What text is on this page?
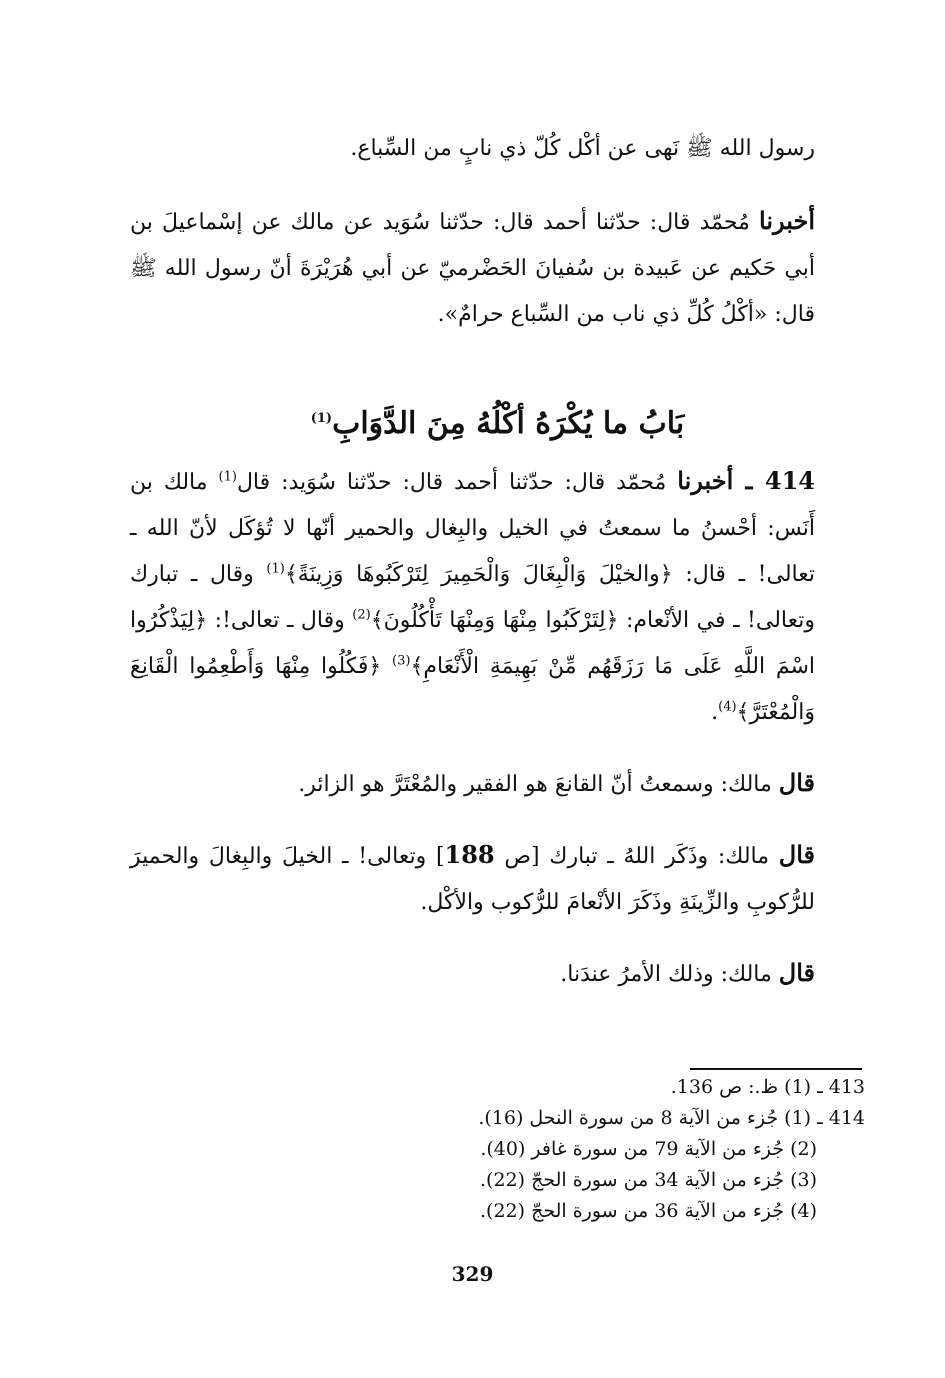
رسول الله ﷺ نَهى عن أكْل كُلّ ذي نابٍ من السِّباع.

أخبرنا مُحمّد قال: حدّثنا أحمد قال: حدّثنا سُوَيد عن مالك عن إسْماعيلَ بن أبي حَكيم عن عَبيدة بن سُفيانَ الحَضْرميّ عن أبي هُرَيْرَةَ أنّ رسول الله ﷺ قال: «أكْلُ كُلِّ ذي ناب من السِّباع حرامٌ».

بَابُ ما يُكْرَهُ أكْلُهُ مِنَ الدَّوَابِ$^{(1)}$

414 ـ أخبرنا مُحمّد قال: حدّثنا أحمد قال: حدّثنا سُوَيد: قال$^{(1)}$ مالك بن أَنَس: أحْسنُ ما سمعتُ في الخيل والبِغال والحمير أنّها لا تُؤكَل لأنّ الله ـ تعالى! ـ قال: ﴿والخيْلَ وَالْبِغَالَ وَالْحَمِيرَ لِتَرْكَبُوهَا وَزِينَةً﴾$^{(1)}$ وقال ـ تبارك وتعالى! ـ في الأنْعام: ﴿لِتَرْكَبُوا مِنْهَا وَمِنْهَا تَأْكُلُونَ﴾$^{(2)}$ وقال ـ تعالى!: ﴿لِيَذْكُرُوا اسْمَ اللَّهِ عَلَى مَا رَزَقَهُم مِّنْ بَهِيمَةِ الْأَنْعَامِ﴾$^{(3)}$ ﴿فَكُلُوا مِنْهَا وَأَطْعِمُوا الْقَانِعَ وَالْمُعْتَرَّ﴾$^{(4)}$.

قال مالك: وسمعتُ أنّ القانعَ هو الفقير والمُعْتَرَّ هو الزائر.

قال مالك: وذَكَر اللهُ ـ تبارك [ص 188] وتعالى! ـ الخيلَ والبِغالَ والحميرَ للرُّكوبِ والزِّينَةِ وذَكَرَ الأنْعامَ للرُّكوب والأكْل.

قال مالك: وذلك الأمرُ عندَنا.

413 ـ (1) ظ.: ص 136.
414 ـ (1) جُزء من الآية 8 من سورة النحل (16).
(2) جُزء من الآية 79 من سورة غافر (40).
(3) جُزء من الآية 34 من سورة الحجّ (22).
(4) جُزء من الآية 36 من سورة الحجّ (22).
329
